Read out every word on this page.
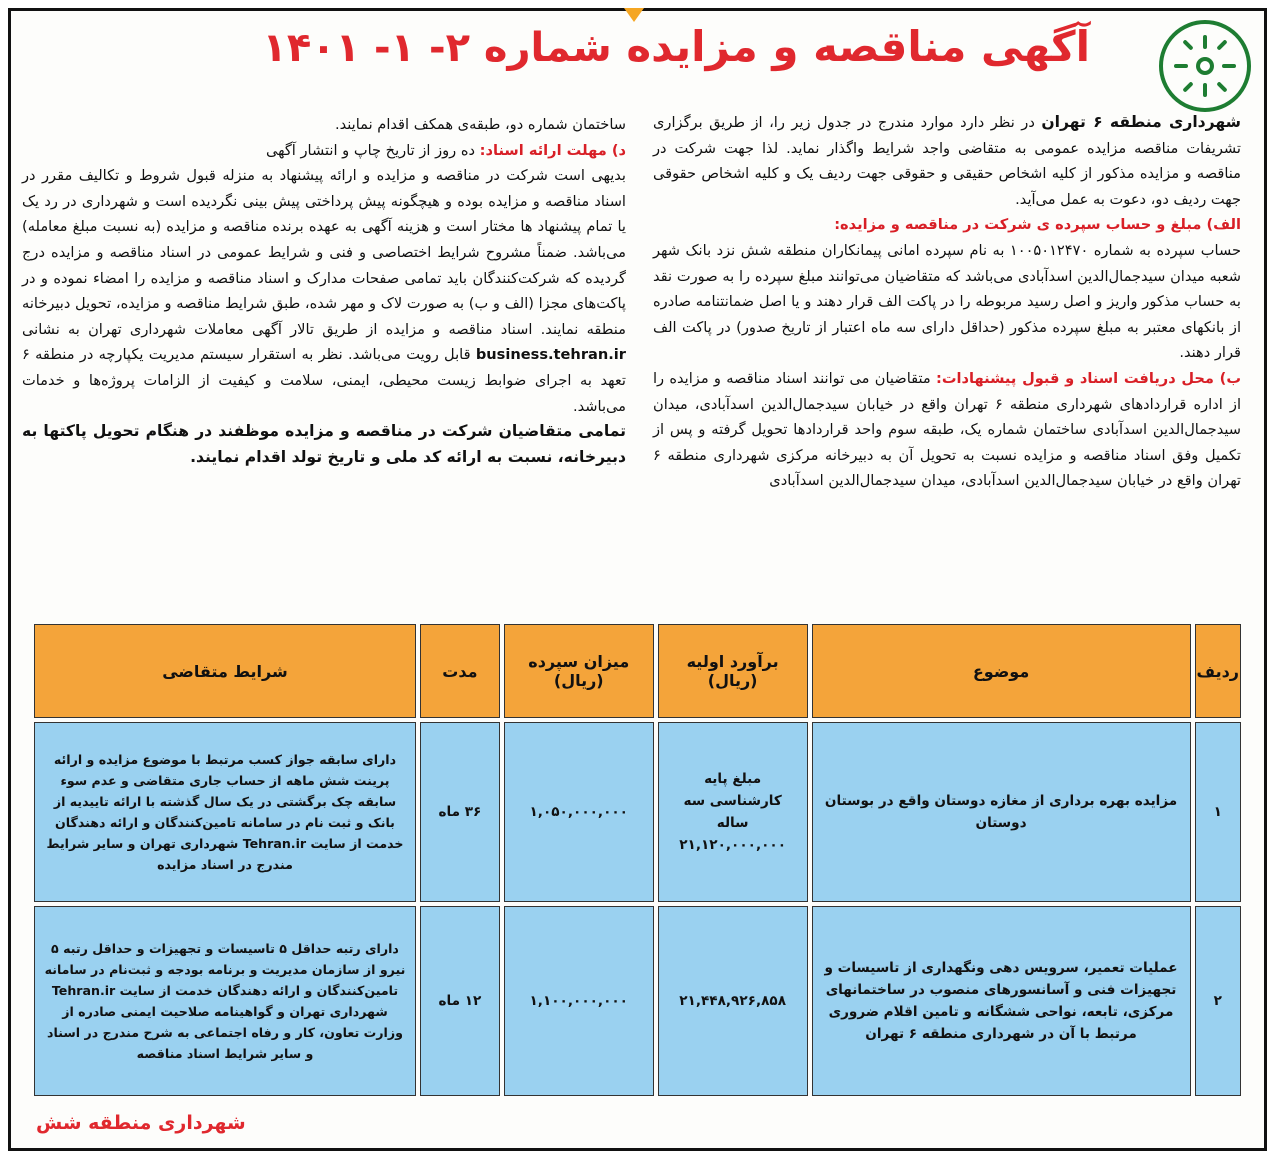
آگهی مناقصه و مزایده شماره ۲- ۱- ۱۴۰۱
شهرداری منطقه ۶ تهران در نظر دارد موارد مندرج در جدول زیر را، از طریق برگزاری تشریفات مناقصه مزایده عمومی به متقاضی واجد شرایط واگذار نماید. لذا جهت شرکت در مناقصه و مزایده مذکور از کلیه اشخاص حقیقی و حقوقی جهت ردیف یک و کلیه اشخاص حقوقی جهت ردیف دو، دعوت به عمل می‌آید.
الف) مبلغ و حساب سپرده ی شرکت در مناقصه و مزایده:
حساب سپرده به شماره ۱۰۰۵۰۱۲۴۷۰ به نام سپرده امانی پیمانکاران منطقه شش نزد بانک شهر شعبه میدان سیدجمال‌الدین اسدآبادی می‌باشد که متقاضیان می‌توانند مبلغ سپرده را به صورت نقد به حساب مذکور واریز و اصل رسید مربوطه را در پاکت الف قرار دهند و یا اصل ضمانتنامه صادره از بانکهای معتبر به مبلغ سپرده مذکور (حداقل دارای سه ماه اعتبار از تاریخ صدور) در پاکت الف قرار دهند.
ب) محل دریافت اسناد و قبول پیشنهادات: متقاضیان می توانند اسناد مناقصه و مزایده را از اداره قراردادهای شهرداری منطقه ۶ تهران واقع در خیابان سیدجمال‌الدین اسدآبادی، میدان سیدجمال‌الدین اسدآبادی ساختمان شماره یک، طبقه سوم واحد قراردادها تحویل گرفته و پس از تکمیل وفق اسناد مناقصه و مزایده نسبت به تحویل آن به دبیرخانه مرکزی شهرداری منطقه ۶ تهران واقع در خیابان سیدجمال‌الدین اسدآبادی، میدان سیدجمال‌الدین اسدآبادی
ساختمان شماره دو، طبقه‌ی همکف اقدام نمایند.
د) مهلت ارائه اسناد: ده روز از تاریخ چاپ و انتشار آگهی
بدیهی است شرکت در مناقصه و مزایده و ارائه پیشنهاد به منزله قبول شروط و تکالیف مقرر در اسناد مناقصه و مزایده بوده و هیچگونه پیش پرداختی پیش بینی نگردیده است و شهرداری در رد یک یا تمام پیشنهاد ها مختار است و هزینه آگهی به عهده برنده مناقصه و مزایده (به نسبت مبلغ معامله) می‌باشد. ضمناً مشروح شرایط اختصاصی و فنی و شرایط عمومی در اسناد مناقصه و مزایده درج گردیده که شرکت‌کنندگان باید تمامی صفحات مدارک و اسناد مناقصه و مزایده را امضاء نموده و در پاکت‌های مجزا (الف و ب) به صورت لاک و مهر شده، طبق شرایط مناقصه و مزایده، تحویل دبیرخانه منطقه نمایند. اسناد مناقصه و مزایده از طریق تالار آگهی معاملات شهرداری تهران به نشانی business.tehran.ir قابل رویت می‌باشد. نظر به استقرار سیستم مدیریت یکپارچه در منطقه ۶ تعهد به اجرای ضوابط زیست محیطی، ایمنی، سلامت و کیفیت از الزامات پروژه‌ها و خدمات می‌باشد.
تمامی متقاضیان شرکت در مناقصه و مزایده موظفند در هنگام تحویل پاکتها به دبیرخانه، نسبت به ارائه کد ملی و تاریخ تولد اقدام نمایند.
ردیف	موضوع	برآورد اولیه (ریال)	میزان سپرده (ریال)	مدت	شرایط متقاضی
۱	مزایده بهره برداری از مغازه دوستان واقع در بوستان دوستان	مبلغ پایه کارشناسی سه ساله ۲۱,۱۲۰,۰۰۰,۰۰۰	۱,۰۵۰,۰۰۰,۰۰۰	۳۶ ماه	دارای سابقه جواز کسب مرتبط با موضوع مزایده و ارائه پرینت شش ماهه از حساب جاری متقاضی و عدم سوء سابقه چک برگشتی در یک سال گذشته با ارائه تاییدیه از بانک و ثبت نام در سامانه تامین‌کنندگان و ارائه دهندگان خدمت از سایت Tehran.ir شهرداری تهران و سایر شرایط مندرج در اسناد مزایده
۲	عملیات تعمیر، سرویس دهی ونگهداری از تاسیسات و تجهیزات فنی و آسانسورهای منصوب در ساختمانهای مرکزی، تابعه، نواحی ششگانه و تامین اقلام ضروری مرتبط با آن در شهرداری منطقه ۶ تهران	۲۱,۴۴۸,۹۲۶,۸۵۸	۱,۱۰۰,۰۰۰,۰۰۰	۱۲ ماه	دارای رتبه حداقل ۵ تاسیسات و تجهیزات و حداقل رتبه ۵ نیرو از سازمان مدیریت و برنامه بودجه و ثبت‌نام در سامانه تامین‌کنندگان و ارائه دهندگان خدمت از سایت Tehran.ir شهرداری تهران و گواهینامه صلاحیت ایمنی صادره از وزارت تعاون، کار و رفاه اجتماعی به شرح مندرج در اسناد و سایر شرایط اسناد مناقصه
شهرداری منطقه شش
